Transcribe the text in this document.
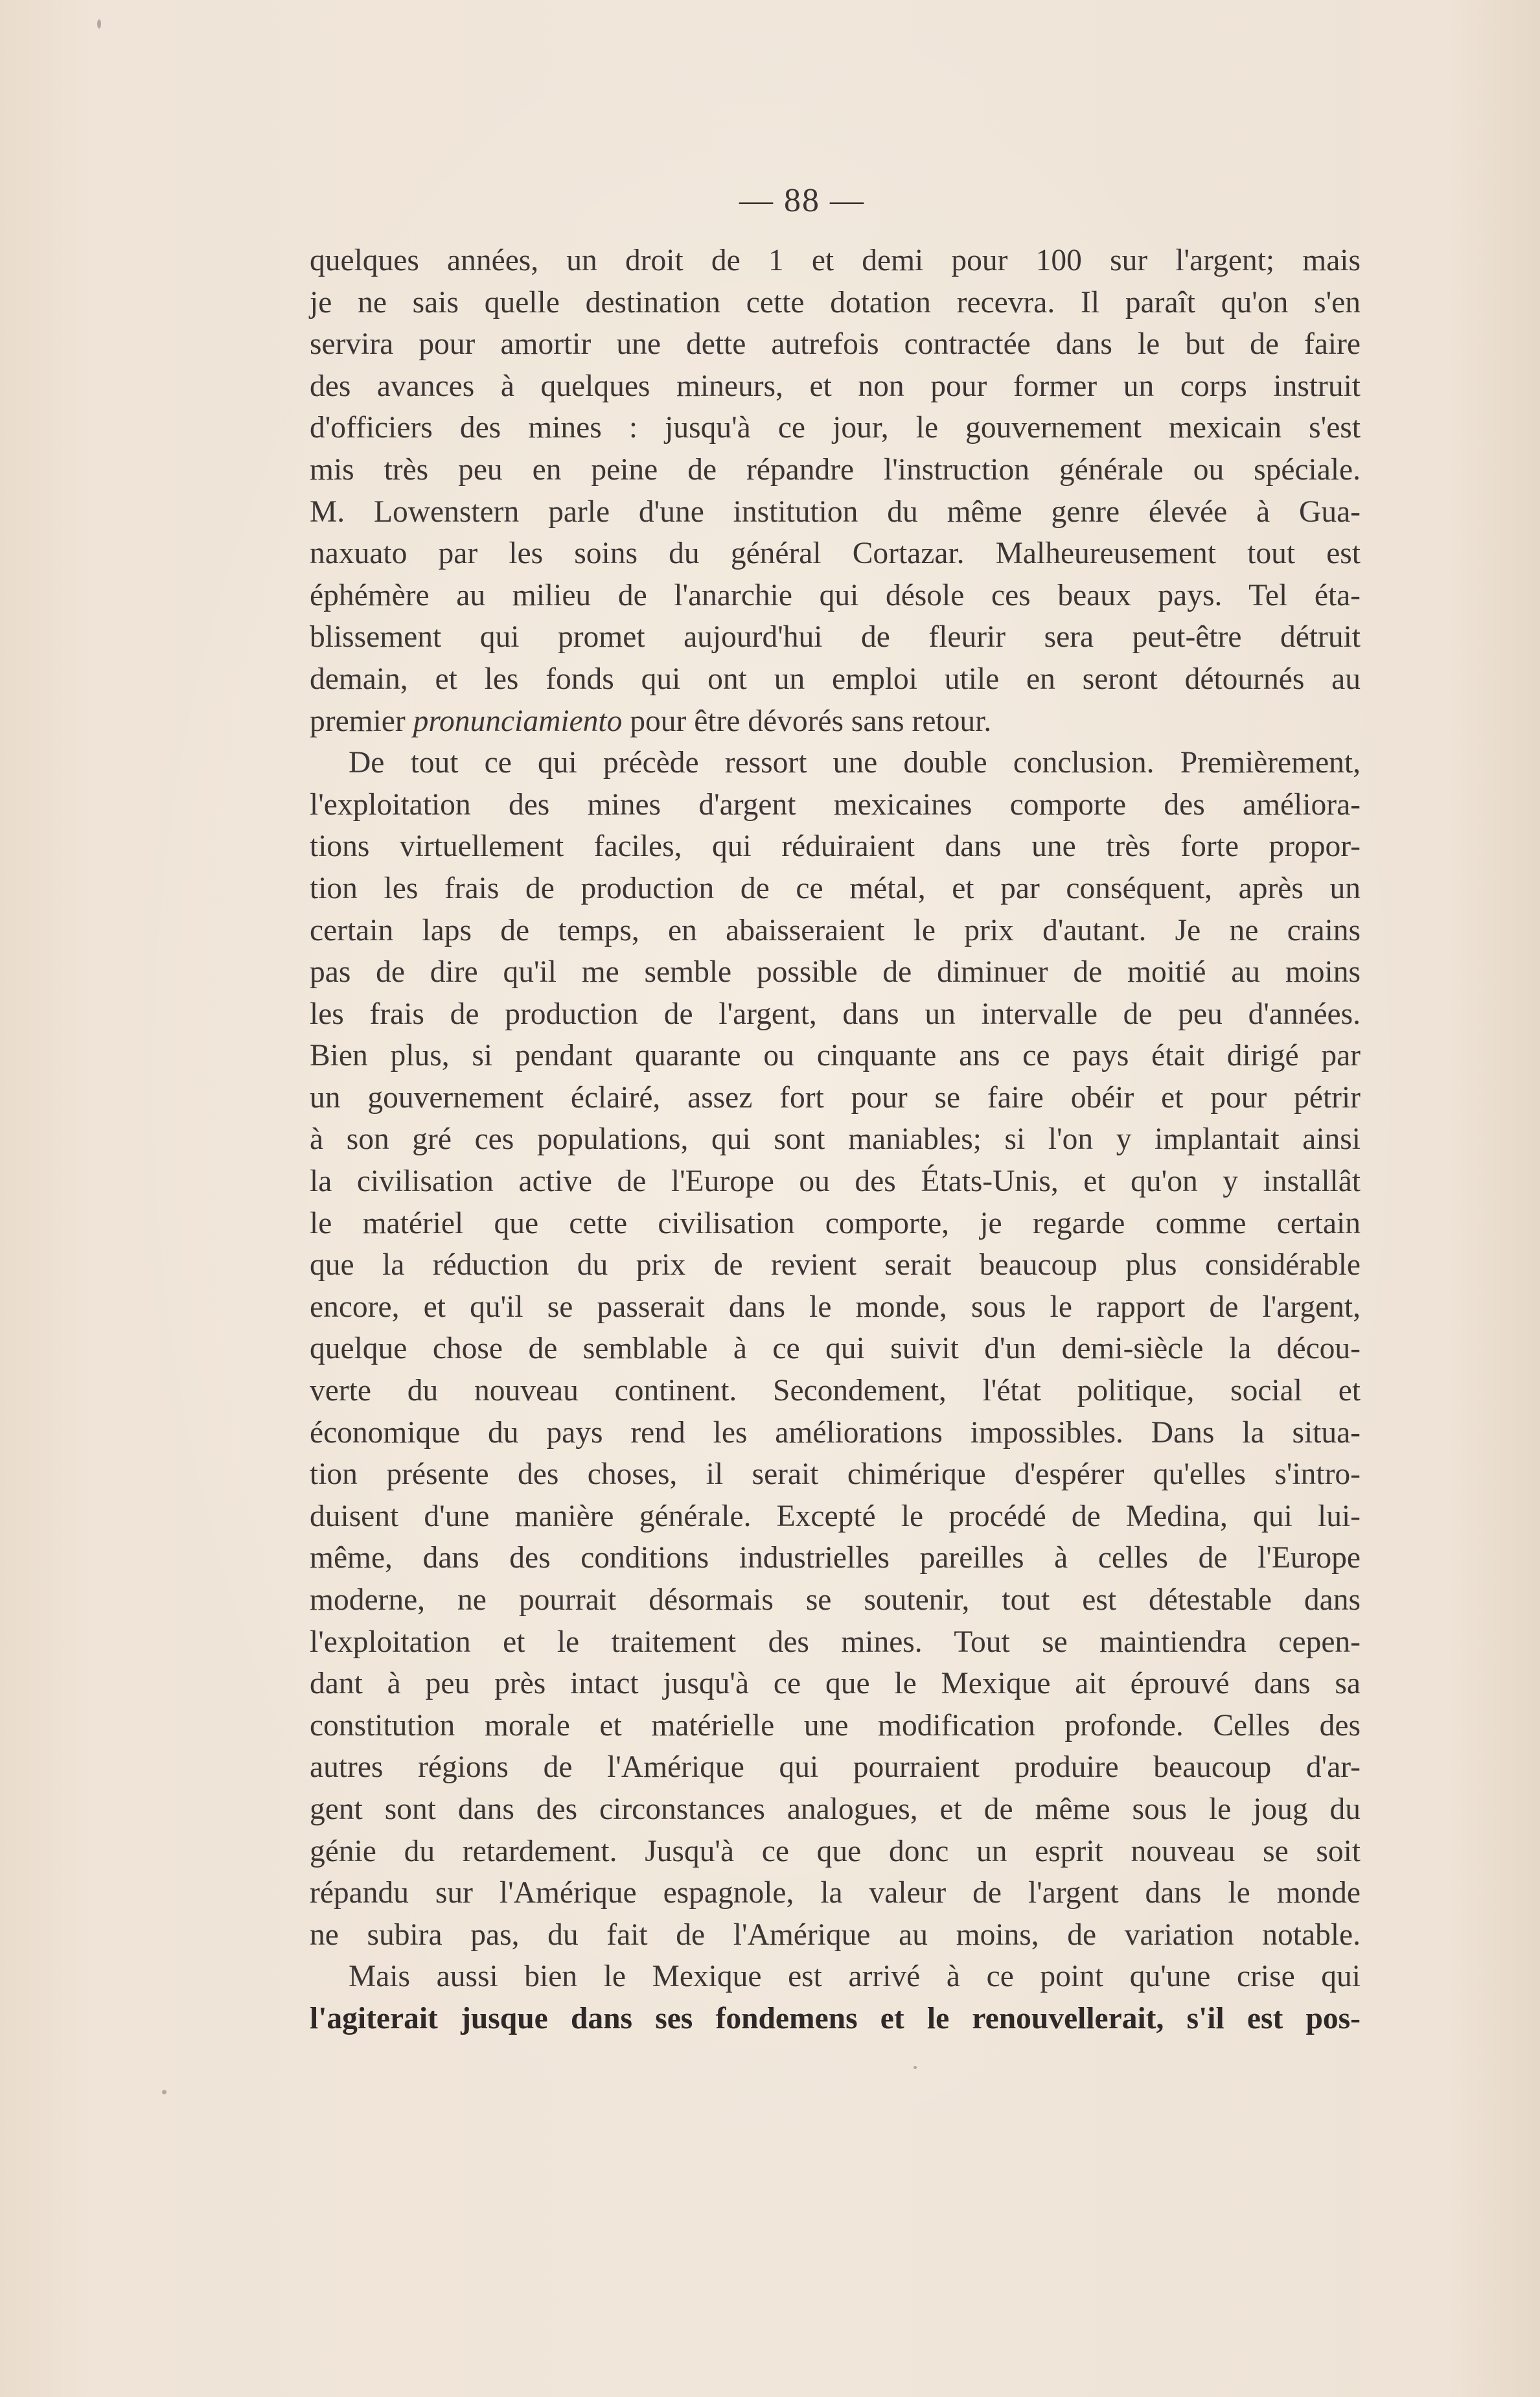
— 88 —
quelques années, un droit de 1 et demi pour 100 sur l'argent; mais
je ne sais quelle destination cette dotation recevra. Il paraît qu'on s'en
servira pour amortir une dette autrefois contractée dans le but de faire
des avances à quelques mineurs, et non pour former un corps instruit
d'officiers des mines : jusqu'à ce jour, le gouvernement mexicain s'est
mis très peu en peine de répandre l'instruction générale ou spéciale.
M. Lowenstern parle d'une institution du même genre élevée à Gua-
naxuato par les soins du général Cortazar. Malheureusement tout est
éphémère au milieu de l'anarchie qui désole ces beaux pays. Tel éta-
blissement qui promet aujourd'hui de fleurir sera peut-être détruit
demain, et les fonds qui ont un emploi utile en seront détournés au
premier pronunciamiento pour être dévorés sans retour.
De tout ce qui précède ressort une double conclusion. Premièrement,
l'exploitation des mines d'argent mexicaines comporte des améliora-
tions virtuellement faciles, qui réduiraient dans une très forte propor-
tion les frais de production de ce métal, et par conséquent, après un
certain laps de temps, en abaisseraient le prix d'autant. Je ne crains
pas de dire qu'il me semble possible de diminuer de moitié au moins
les frais de production de l'argent, dans un intervalle de peu d'années.
Bien plus, si pendant quarante ou cinquante ans ce pays était dirigé par
un gouvernement éclairé, assez fort pour se faire obéir et pour pétrir
à son gré ces populations, qui sont maniables; si l'on y implantait ainsi
la civilisation active de l'Europe ou des États-Unis, et qu'on y installât
le matériel que cette civilisation comporte, je regarde comme certain
que la réduction du prix de revient serait beaucoup plus considérable
encore, et qu'il se passerait dans le monde, sous le rapport de l'argent,
quelque chose de semblable à ce qui suivit d'un demi-siècle la décou-
verte du nouveau continent. Secondement, l'état politique, social et
économique du pays rend les améliorations impossibles. Dans la situa-
tion présente des choses, il serait chimérique d'espérer qu'elles s'intro-
duisent d'une manière générale. Excepté le procédé de Medina, qui lui-
même, dans des conditions industrielles pareilles à celles de l'Europe
moderne, ne pourrait désormais se soutenir, tout est détestable dans
l'exploitation et le traitement des mines. Tout se maintiendra cepen-
dant à peu près intact jusqu'à ce que le Mexique ait éprouvé dans sa
constitution morale et matérielle une modification profonde. Celles des
autres régions de l'Amérique qui pourraient produire beaucoup d'ar-
gent sont dans des circonstances analogues, et de même sous le joug du
génie du retardement. Jusqu'à ce que donc un esprit nouveau se soit
répandu sur l'Amérique espagnole, la valeur de l'argent dans le monde
ne subira pas, du fait de l'Amérique au moins, de variation notable.
Mais aussi bien le Mexique est arrivé à ce point qu'une crise qui
l'agiterait jusque dans ses fondemens et le renouvellerait, s'il est pos-
